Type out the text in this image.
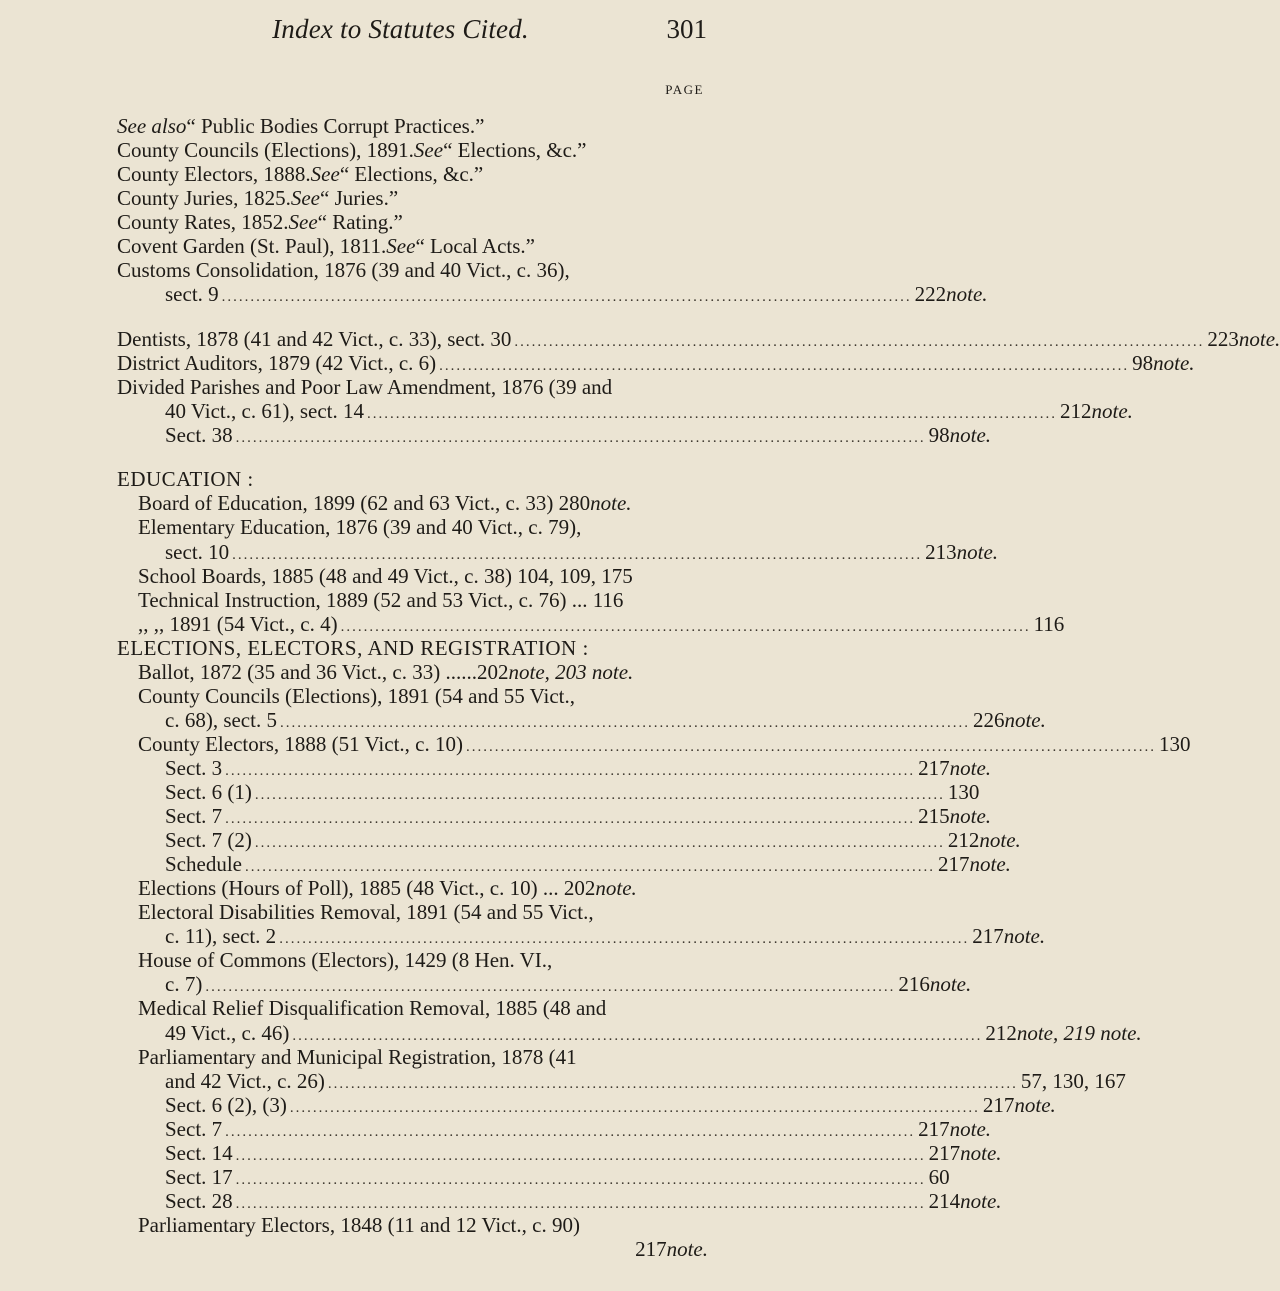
Index to Statutes Cited.	301
PAGE
See also “ Public Bodies Corrupt Practices.”
County Councils (Elections), 1891. See “ Elections, &c.”
County Electors, 1888. See “ Elections, &c.”
County Juries, 1825. See “ Juries.”
County Rates, 1852. See “ Rating.”
Covent Garden (St. Paul), 1811. See “ Local Acts.”
Customs Consolidation, 1876 (39 and 40 Vict., c. 36),
sect. 9 ........................................................................................................................ 222 note.
Dentists, 1878 (41 and 42 Vict., c. 33), sect. 30 ........................................................................................................................ 223 note.
District Auditors, 1879 (42 Vict., c. 6) ........................................................................................................................ 98 note.
Divided Parishes and Poor Law Amendment, 1876 (39 and
40 Vict., c. 61), sect. 14 ........................................................................................................................ 212 note.
Sect. 38 ........................................................................................................................ 98 note.
EDUCATION :
Board of Education, 1899 (62 and 63 Vict., c. 33) 280 note.
Elementary Education, 1876 (39 and 40 Vict., c. 79),
sect. 10 ........................................................................................................................ 213 note.
School Boards, 1885 (48 and 49 Vict., c. 38) 104, 109, 175
Technical Instruction, 1889 (52 and 53 Vict., c. 76) ... 116
,, ,, 1891 (54 Vict., c. 4) ........................................................................................................................ 116
ELECTIONS, ELECTORS, AND REGISTRATION :
Ballot, 1872 (35 and 36 Vict., c. 33) ......202 note, 203 note.
County Councils (Elections), 1891 (54 and 55 Vict.,
c. 68), sect. 5 ........................................................................................................................ 226 note.
County Electors, 1888 (51 Vict., c. 10) ........................................................................................................................ 130
Sect. 3 ........................................................................................................................ 217 note.
Sect. 6 (1) ........................................................................................................................ 130
Sect. 7 ........................................................................................................................ 215 note.
Sect. 7 (2) ........................................................................................................................ 212 note.
Schedule ........................................................................................................................ 217 note.
Elections (Hours of Poll), 1885 (48 Vict., c. 10) ... 202 note.
Electoral Disabilities Removal, 1891 (54 and 55 Vict.,
c. 11), sect. 2 ........................................................................................................................ 217 note.
House of Commons (Electors), 1429 (8 Hen. VI.,
c. 7) ........................................................................................................................ 216 note.
Medical Relief Disqualification Removal, 1885 (48 and
49 Vict., c. 46) ........................................................................................................................ 212 note, 219 note.
Parliamentary and Municipal Registration, 1878 (41
and 42 Vict., c. 26) ........................................................................................................................ 57, 130, 167
Sect. 6 (2), (3) ........................................................................................................................ 217 note.
Sect. 7 ........................................................................................................................ 217 note.
Sect. 14 ........................................................................................................................ 217 note.
Sect. 17 ........................................................................................................................ 60
Sect. 28 ........................................................................................................................ 214 note.
Parliamentary Electors, 1848 (11 and 12 Vict., c. 90)
217 note.
